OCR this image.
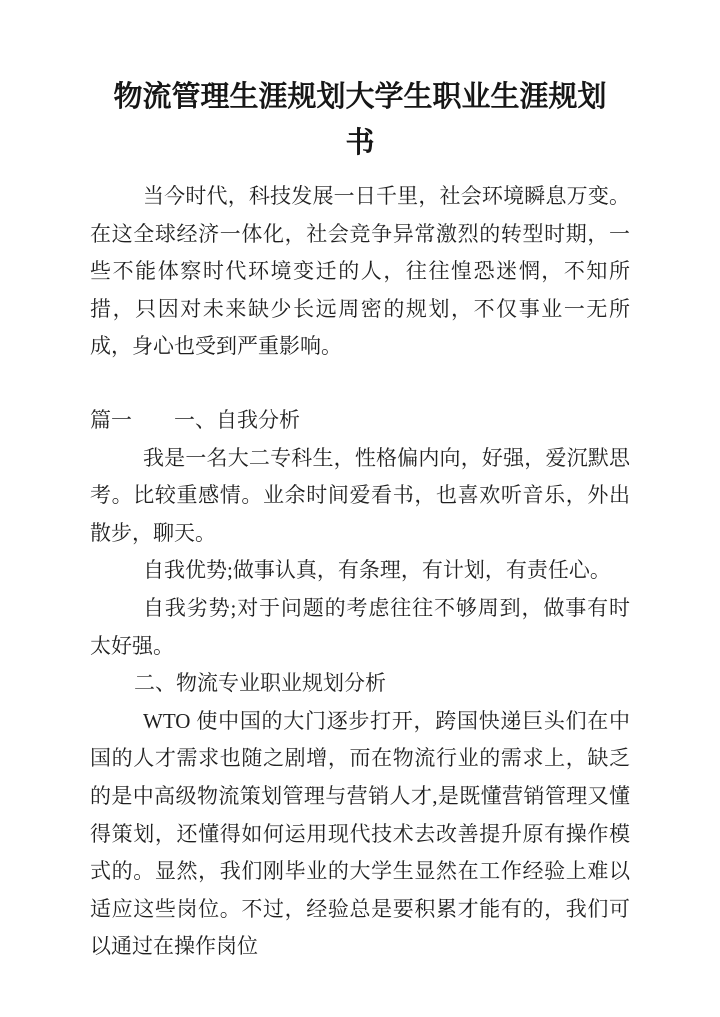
物流管理生涯规划大学生职业生涯规划书

当今时代，科技发展一日千里，社会环境瞬息万变。在这全球经济一体化，社会竞争异常激烈的转型时期，一些不能体察时代环境变迁的人，往往惶恐迷惘，不知所措，只因对未来缺少长远周密的规划，不仅事业一无所成，身心也受到严重影响。

篇一　　一、自我分析

我是一名大二专科生，性格偏内向，好强，爱沉默思考。比较重感情。业余时间爱看书，也喜欢听音乐，外出散步，聊天。

自我优势;做事认真，有条理，有计划，有责任心。

自我劣势;对于问题的考虑往往不够周到，做事有时太好强。

二、物流专业职业规划分析

WTO 使中国的大门逐步打开，跨国快递巨头们在中国的人才需求也随之剧增，而在物流行业的需求上，缺乏的是中高级物流策划管理与营销人才,是既懂营销管理又懂得策划，还懂得如何运用现代技术去改善提升原有操作模式的。显然，我们刚毕业的大学生显然在工作经验上难以适应这些岗位。不过，经验总是要积累才能有的，我们可以通过在操作岗位
